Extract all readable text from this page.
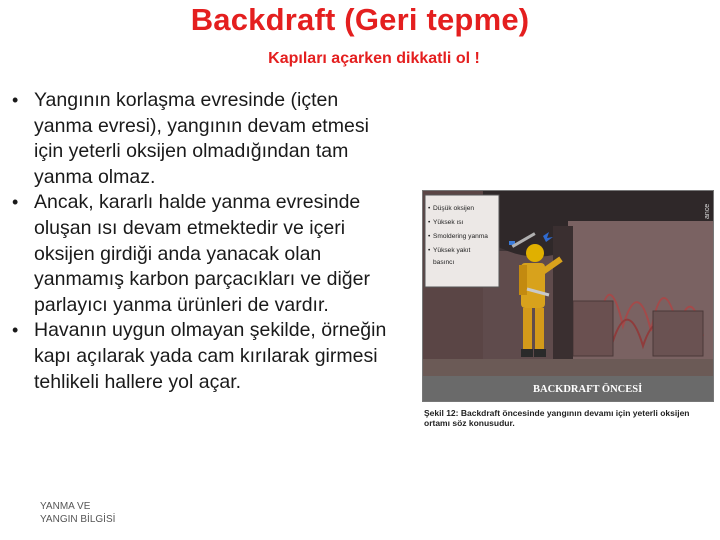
Backdraft (Geri tepme)
Kapıları açarken dikkatli ol !
• Yangının korlaşma evresinde (içten yanma evresi), yangının devam etmesi için yeterli oksijen olmadığından tam yanma olmaz.
• Ancak, kararlı halde yanma evresinde oluşan ısı devam etmektedir ve içeri oksijen girdiği anda yanacak olan yanmamış karbon parçacıkları ve diğer parlayıcı yanma ürünleri de vardır.
• Havanın uygun olmayan şekilde, örneğin kapı açılarak yada cam kırılarak girmesi tehlikeli hallere yol açar.
YANMA VE
YANGIN BİLGİSİ
BACKDRAFT ÖNCESİ
• Düşük oksijen
• Yüksek ısı
• Smoldering yanma
• Yüksek yakıt
basıncı
ance
Şekil 12: Backdraft öncesinde yangının devamı için yeterli oksijen ortamı söz konusudur.
